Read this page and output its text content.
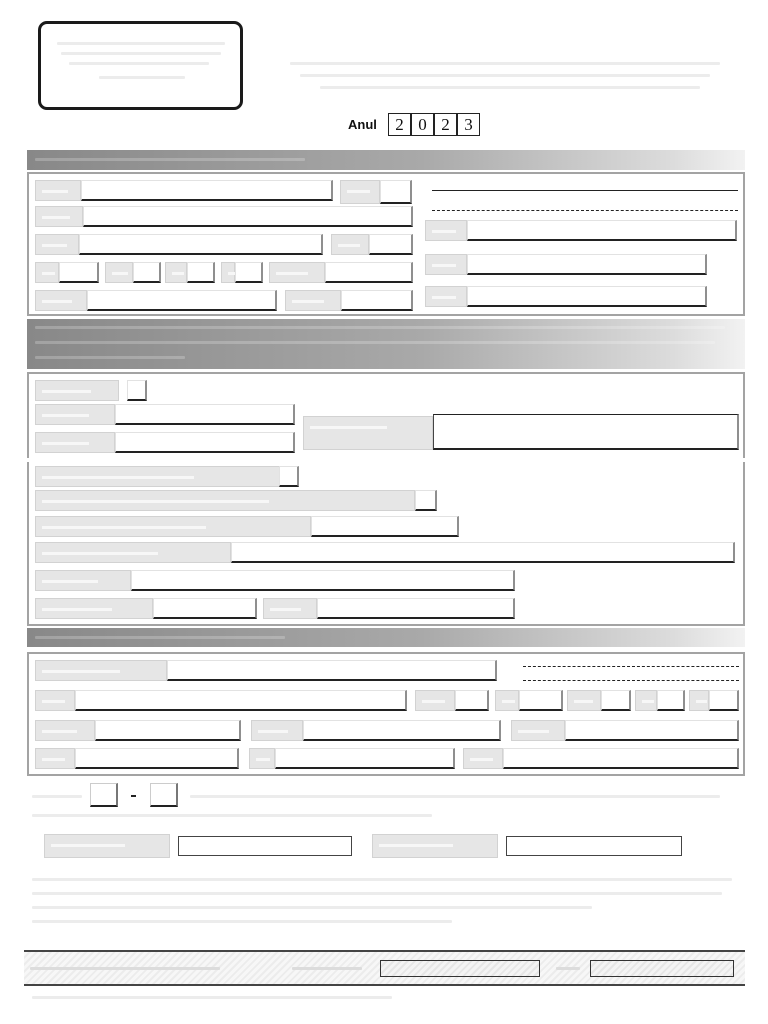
Anul	2 0 2 3
